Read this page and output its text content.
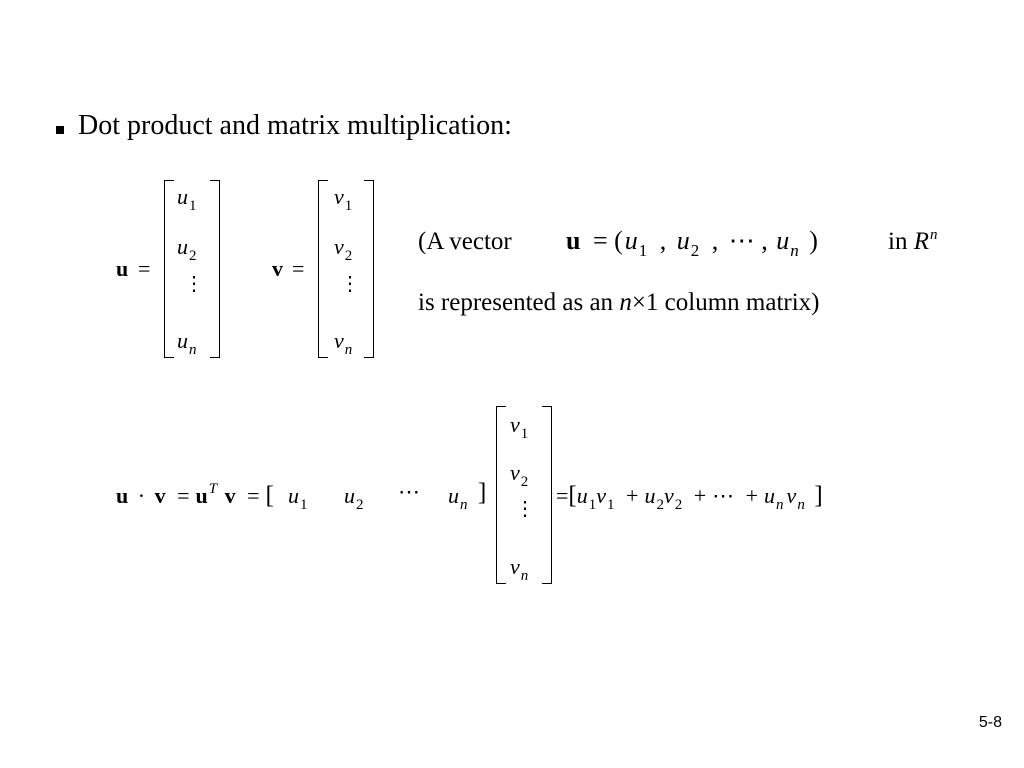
Dot product and matrix multiplication:
u =
$u_1$
$u_2$
⋮
$u_n$
v =
$v_1$
$v_2$
⋮
$v_n$
(A vector $u = (u_1$ , $u_2$ , ⋯ , $u_n$ )	in $R^n$
is represented as an n×1 column matrix)
$u \cdot v = u^T$ v = [ $u_1$ $u_2$
⋯ $u_n$ ]
$v_1$
$v_2$
⋮
$v_n$
$=[u_1v_1 + u_2v_2$ + ⋯ + $u_n$ $v_n$ ]
5-8
